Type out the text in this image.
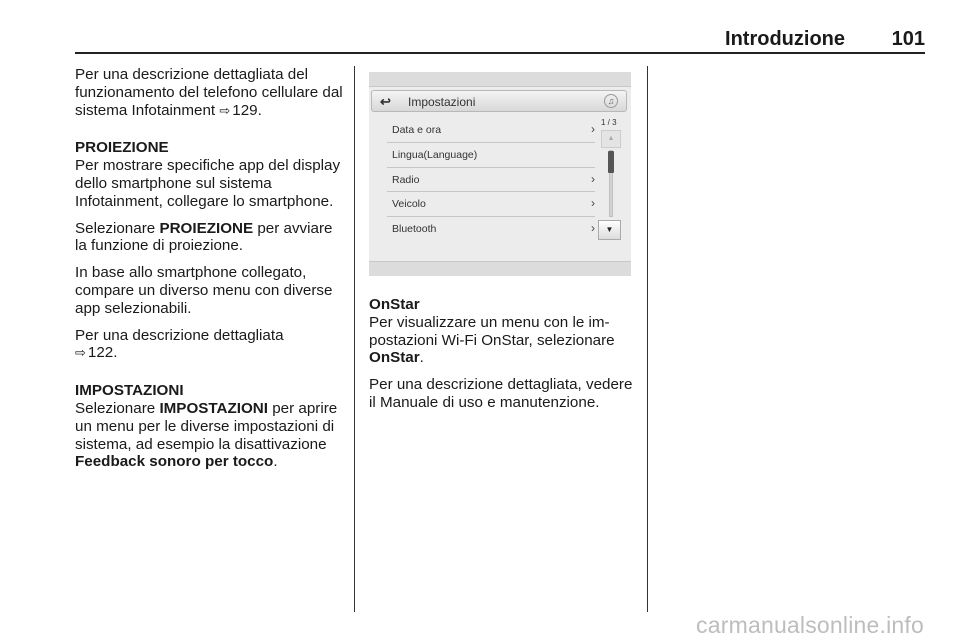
Introduzione 101

Per una descrizione dettagliata del funzionamento del telefono cellulare dal sistema Infotainment ⇨ 129.

PROIEZIONE
Per mostrare specifiche app del display dello smartphone sul sistema Infotainment, collegare lo smartphone.

Selezionare PROIEZIONE per avviare la funzione di proiezione.

In base allo smartphone collegato, compare un diverso menu con diverse app selezionabili.

Per una descrizione dettagliata
⇨ 122.

IMPOSTAZIONI
Selezionare IMPOSTAZIONI per aprire un menu per le diverse impostazioni di sistema, ad esempio la disattivazione Feedback sonoro per tocco.

↩ Impostazioni	♫
Data e ora	›
Lingua(Language)
Radio	›
Veicolo	›
Bluetooth	›
1 / 3
▲
▼

OnStar
Per visualizzare un menu con le impostazioni Wi-Fi OnStar, selezionare OnStar.

Per una descrizione dettagliata, vedere il Manuale di uso e manutenzione.

carmanualsonline.info
